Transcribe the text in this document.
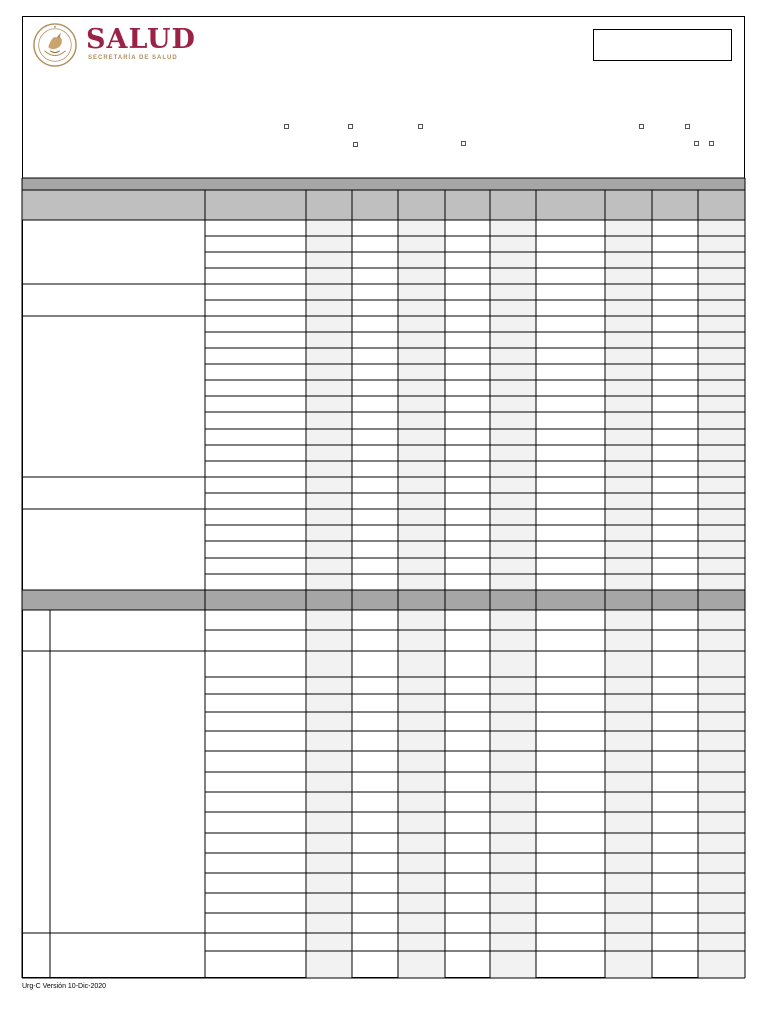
SALUD
SECRETARÍA DE SALUD
Urg-C Versión 10-Dic-2020
